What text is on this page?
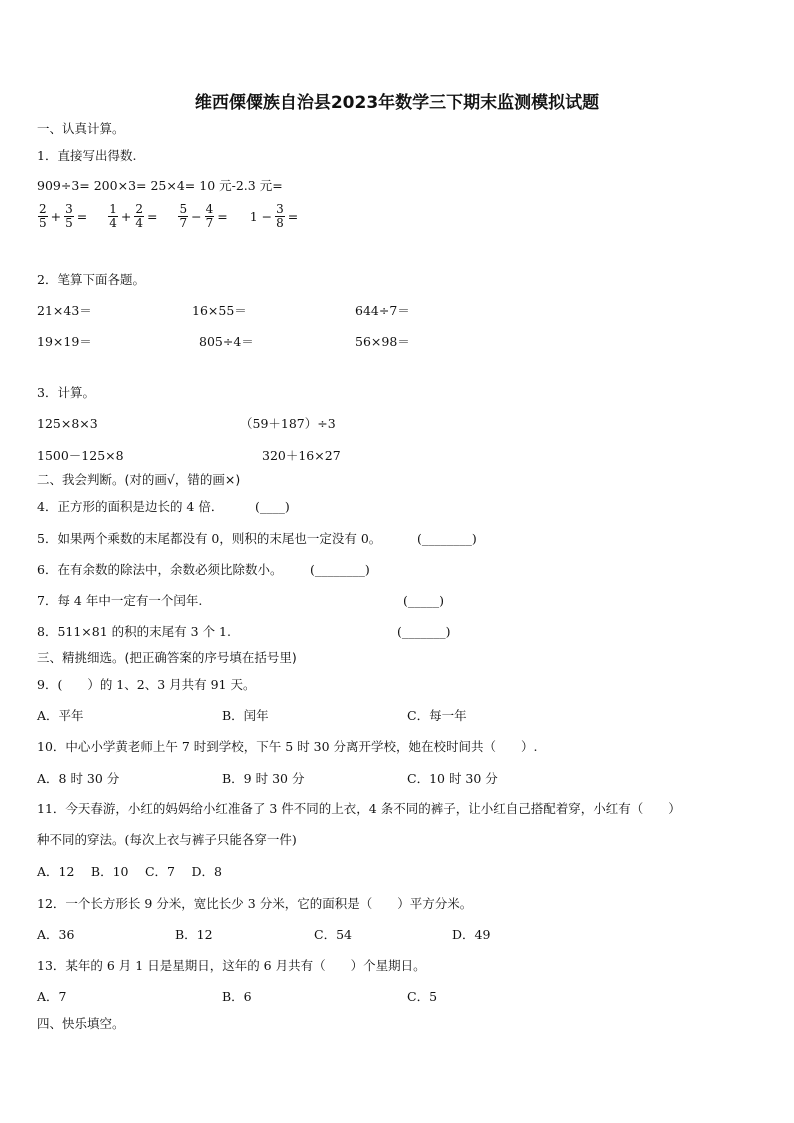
维西傈僳族自治县2023年数学三下期末监测模拟试题
一、认真计算。
1．直接写出得数.
909÷3= 200×3= 25×4= 10 元-2.3 元=
$\frac{2}{5} + \frac{3}{5} = \frac{1}{4} + \frac{2}{4} = \frac{5}{7} - \frac{4}{7} = 1 - \frac{3}{8}$ =
2．笔算下面各题。
21×43＝	16×55＝	644÷7＝
19×19＝	805÷4＝	56×98＝
3．计算。
125×8×3	（59＋187）÷3
1500－125×8	320＋16×27
二、我会判断。(对的画√，错的画×)
4．正方形的面积是边长的 4 倍．	(____)
5．如果两个乘数的末尾都没有 0，则积的末尾也一定没有 0。	(________)
6．在有余数的除法中，余数必须比除数小。 (________)
7．每 4 年中一定有一个闰年.	(_____)
8．511×81 的积的末尾有 3 个 1.	(_______)
三、精挑细选。(把正确答案的序号填在括号里)
9．(　　）的 1、2、3 月共有 91 天。
A．平年	B．闰年	C．每一年
10．中心小学黄老师上午 7 时到学校，下午 5 时 30 分离开学校，她在校时间共（　　）.
A．8 时 30 分	B．9 时 30 分	C．10 时 30 分
11．今天春游，小红的妈妈给小红准备了 3 件不同的上衣，4 条不同的裤子，让小红自己搭配着穿，小红有（　　）
种不同的穿法。(每次上衣与裤子只能各穿一件)
A．12　 B．10　 C．7　 D．8
12．一个长方形长 9 分米，宽比长少 3 分米，它的面积是（　　）平方分米。
A．36	B．12	C．54	D．49
13．某年的 6 月 1 日是星期日，这年的 6 月共有（　　）个星期日。
A．7	B．6	C．5
四、快乐填空。
